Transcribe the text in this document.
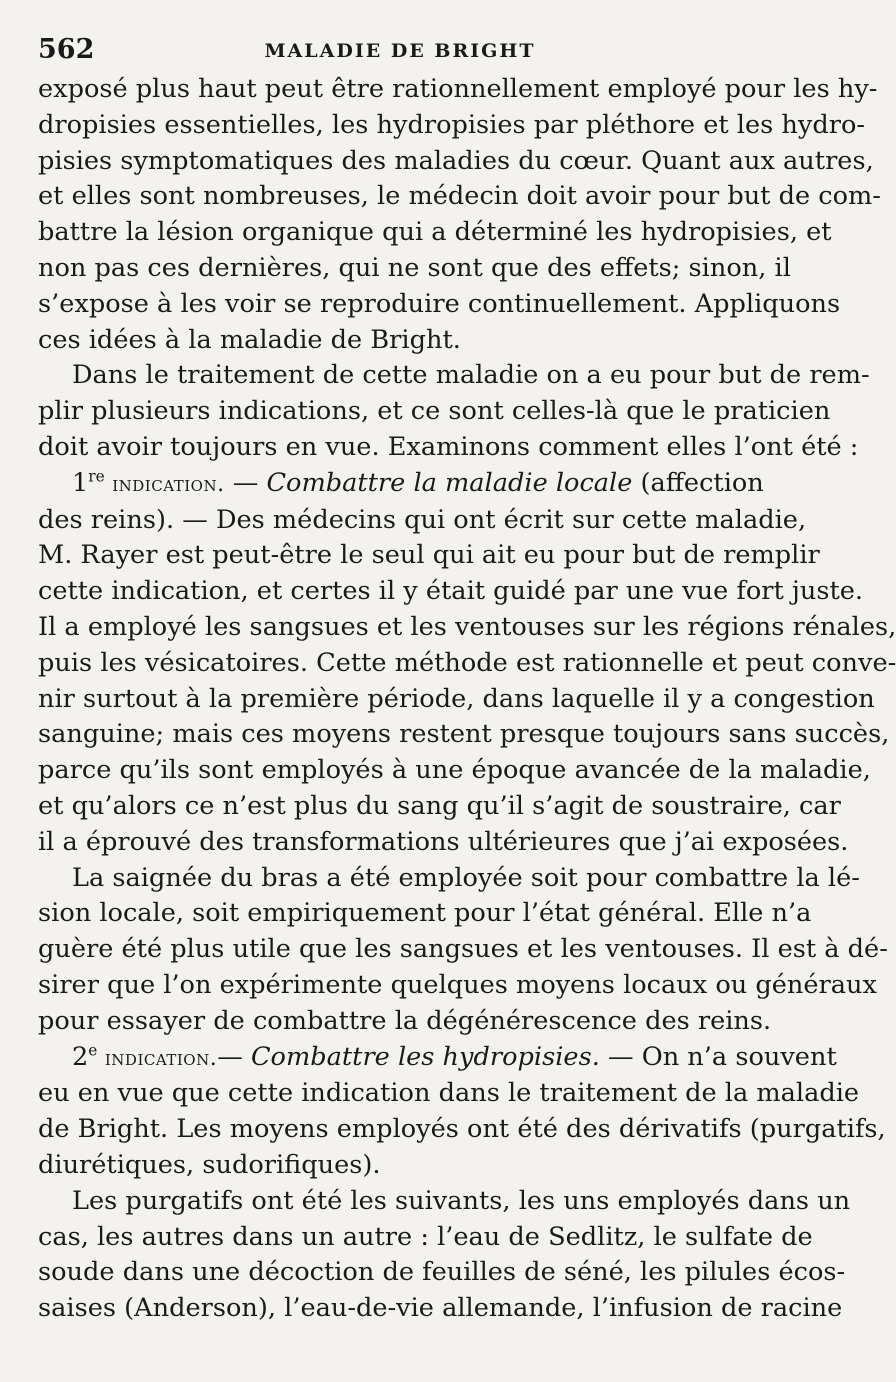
562	MALADIE DE BRIGHT

exposé plus haut peut être rationnellement employé pour les hy-
dropisies essentielles, les hydropisies par pléthore et les hydro-
pisies symptomatiques des maladies du cœur. Quant aux autres,
et elles sont nombreuses, le médecin doit avoir pour but de com-
battre la lésion organique qui a déterminé les hydropisies, et
non pas ces dernières, qui ne sont que des effets; sinon, il
s’expose à les voir se reproduire continuellement. Appliquons
ces idées à la maladie de Bright.

Dans le traitement de cette maladie on a eu pour but de rem-
plir plusieurs indications, et ce sont celles-là que le praticien
doit avoir toujours en vue. Examinons comment elles l’ont été :

1re indication. — Combattre la maladie locale (affection
des reins). — Des médecins qui ont écrit sur cette maladie,
M. Rayer est peut-être le seul qui ait eu pour but de remplir
cette indication, et certes il y était guidé par une vue fort juste.
Il a employé les sangsues et les ventouses sur les régions rénales,
puis les vésicatoires. Cette méthode est rationnelle et peut conve-
nir surtout à la première période, dans laquelle il y a congestion
sanguine; mais ces moyens restent presque toujours sans succès,
parce qu’ils sont employés à une époque avancée de la maladie,
et qu’alors ce n’est plus du sang qu’il s’agit de soustraire, car
il a éprouvé des transformations ultérieures que j’ai exposées.

La saignée du bras a été employée soit pour combattre la lé-
sion locale, soit empiriquement pour l’état général. Elle n’a
guère été plus utile que les sangsues et les ventouses. Il est à dé-
sirer que l’on expérimente quelques moyens locaux ou généraux
pour essayer de combattre la dégénérescence des reins.

2e indication.— Combattre les hydropisies. — On n’a souvent
eu en vue que cette indication dans le traitement de la maladie
de Bright. Les moyens employés ont été des dérivatifs (purgatifs,
diurétiques, sudorifiques).

Les purgatifs ont été les suivants, les uns employés dans un
cas, les autres dans un autre : l’eau de Sedlitz, le sulfate de
soude dans une décoction de feuilles de séné, les pilules écos-
saises (Anderson), l’eau-de-vie allemande, l’infusion de racine
